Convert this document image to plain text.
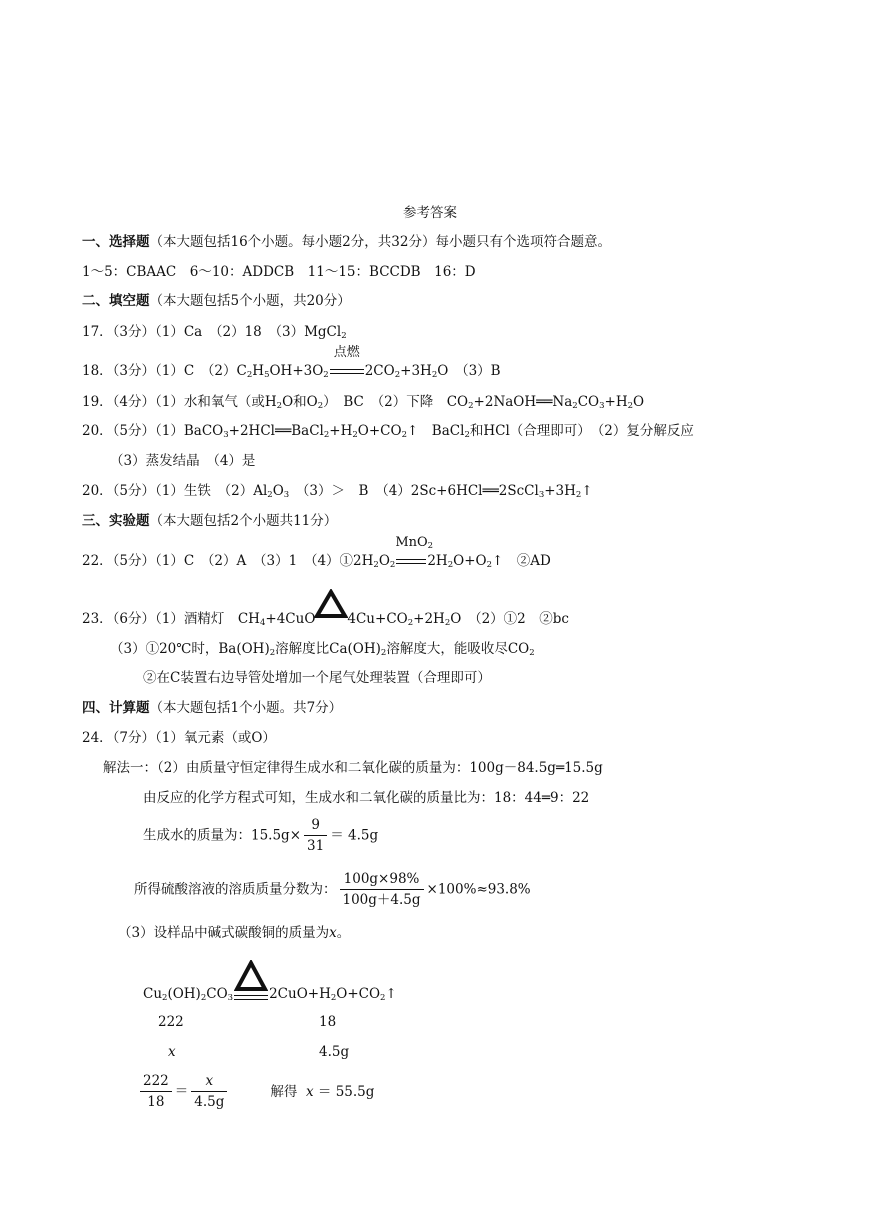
参考答案
一、选择题（本大题包括16个小题。每小题2分，共32分）每小题只有个选项符合题意。
1～5：CBAAC　6～10：ADDCB　11～15：BCCDB　16：D
二、填空题（本大题包括5个小题，共20分）
17．（3分）（1）Ca　（2）18　（3）MgCl$_2$
18．（3分）（1）C　$(2)C_2H_5OH+3O_2$
点燃
$2CO_2+3H_2O$　（3）B
19．（4分）（1）水和氧气（或$H_2O$和$O_2$）　BC　（2）下降　$CO_2+2NaOH══Na_2CO_3+H_2O$
20．（5分）$(1)BaCO_3+2HCl══BaCl_2+H_2O+CO_2↑$　BaCl$_2$和HCl（合理即可）　（2）复分解反应
（3）蒸发结晶　（4）是
20．（5分）（1）生铁　$(2)Al_2O_3$　（3）＞　B　$(4)2Sc+6HCl══2ScCl_3+3H_2↑$
三、实验题（本大题包括2个小题共11分）
22．（5分）（1）C　（2）A　（3）1　$(4)①2H_2O_2$
MnO$_2$
$2H_2O+O_2↑$　②AD
23．（6分）（1）酒精灯　$CH_4+4CuO$ $4Cu+CO_2+2H_2O$　（2）①2　②bc
（3）①20℃时，$Ba(OH)_2$溶解度比$Ca(OH)_2$溶解度大，能吸收尽$CO_2$
②在C装置右边导管处增加一个尾气处理装置（合理即可）
四、计算题（本大题包括1个小题。共7分）
24．（7分）（1）氧元素（或O）
解法一：（2）由质量守恒定律得生成水和二氧化碳的质量为：100g－84.5g═15.5g
由反应的化学方程式可知，生成水和二氧化碳的质量比为：18：44═9：22
生成水的质量为：$15.5g\times \frac{9}{31} = 4.5g$
所得硫酸溶液的溶质质量分数为： $\frac{100g\times 98\%}{100g+4.5g} \times 100\%\approx 93.8\%$
（3）设样品中碱式碳酸铜的质量为x。
$Cu_2(OH)_2CO_3$	$2CuO+H_2O+CO_2↑$
222	18
x	4.5g
$\frac{222}{18} = \frac{x}{4.5g}$	解得 x ＝ 55.5g
